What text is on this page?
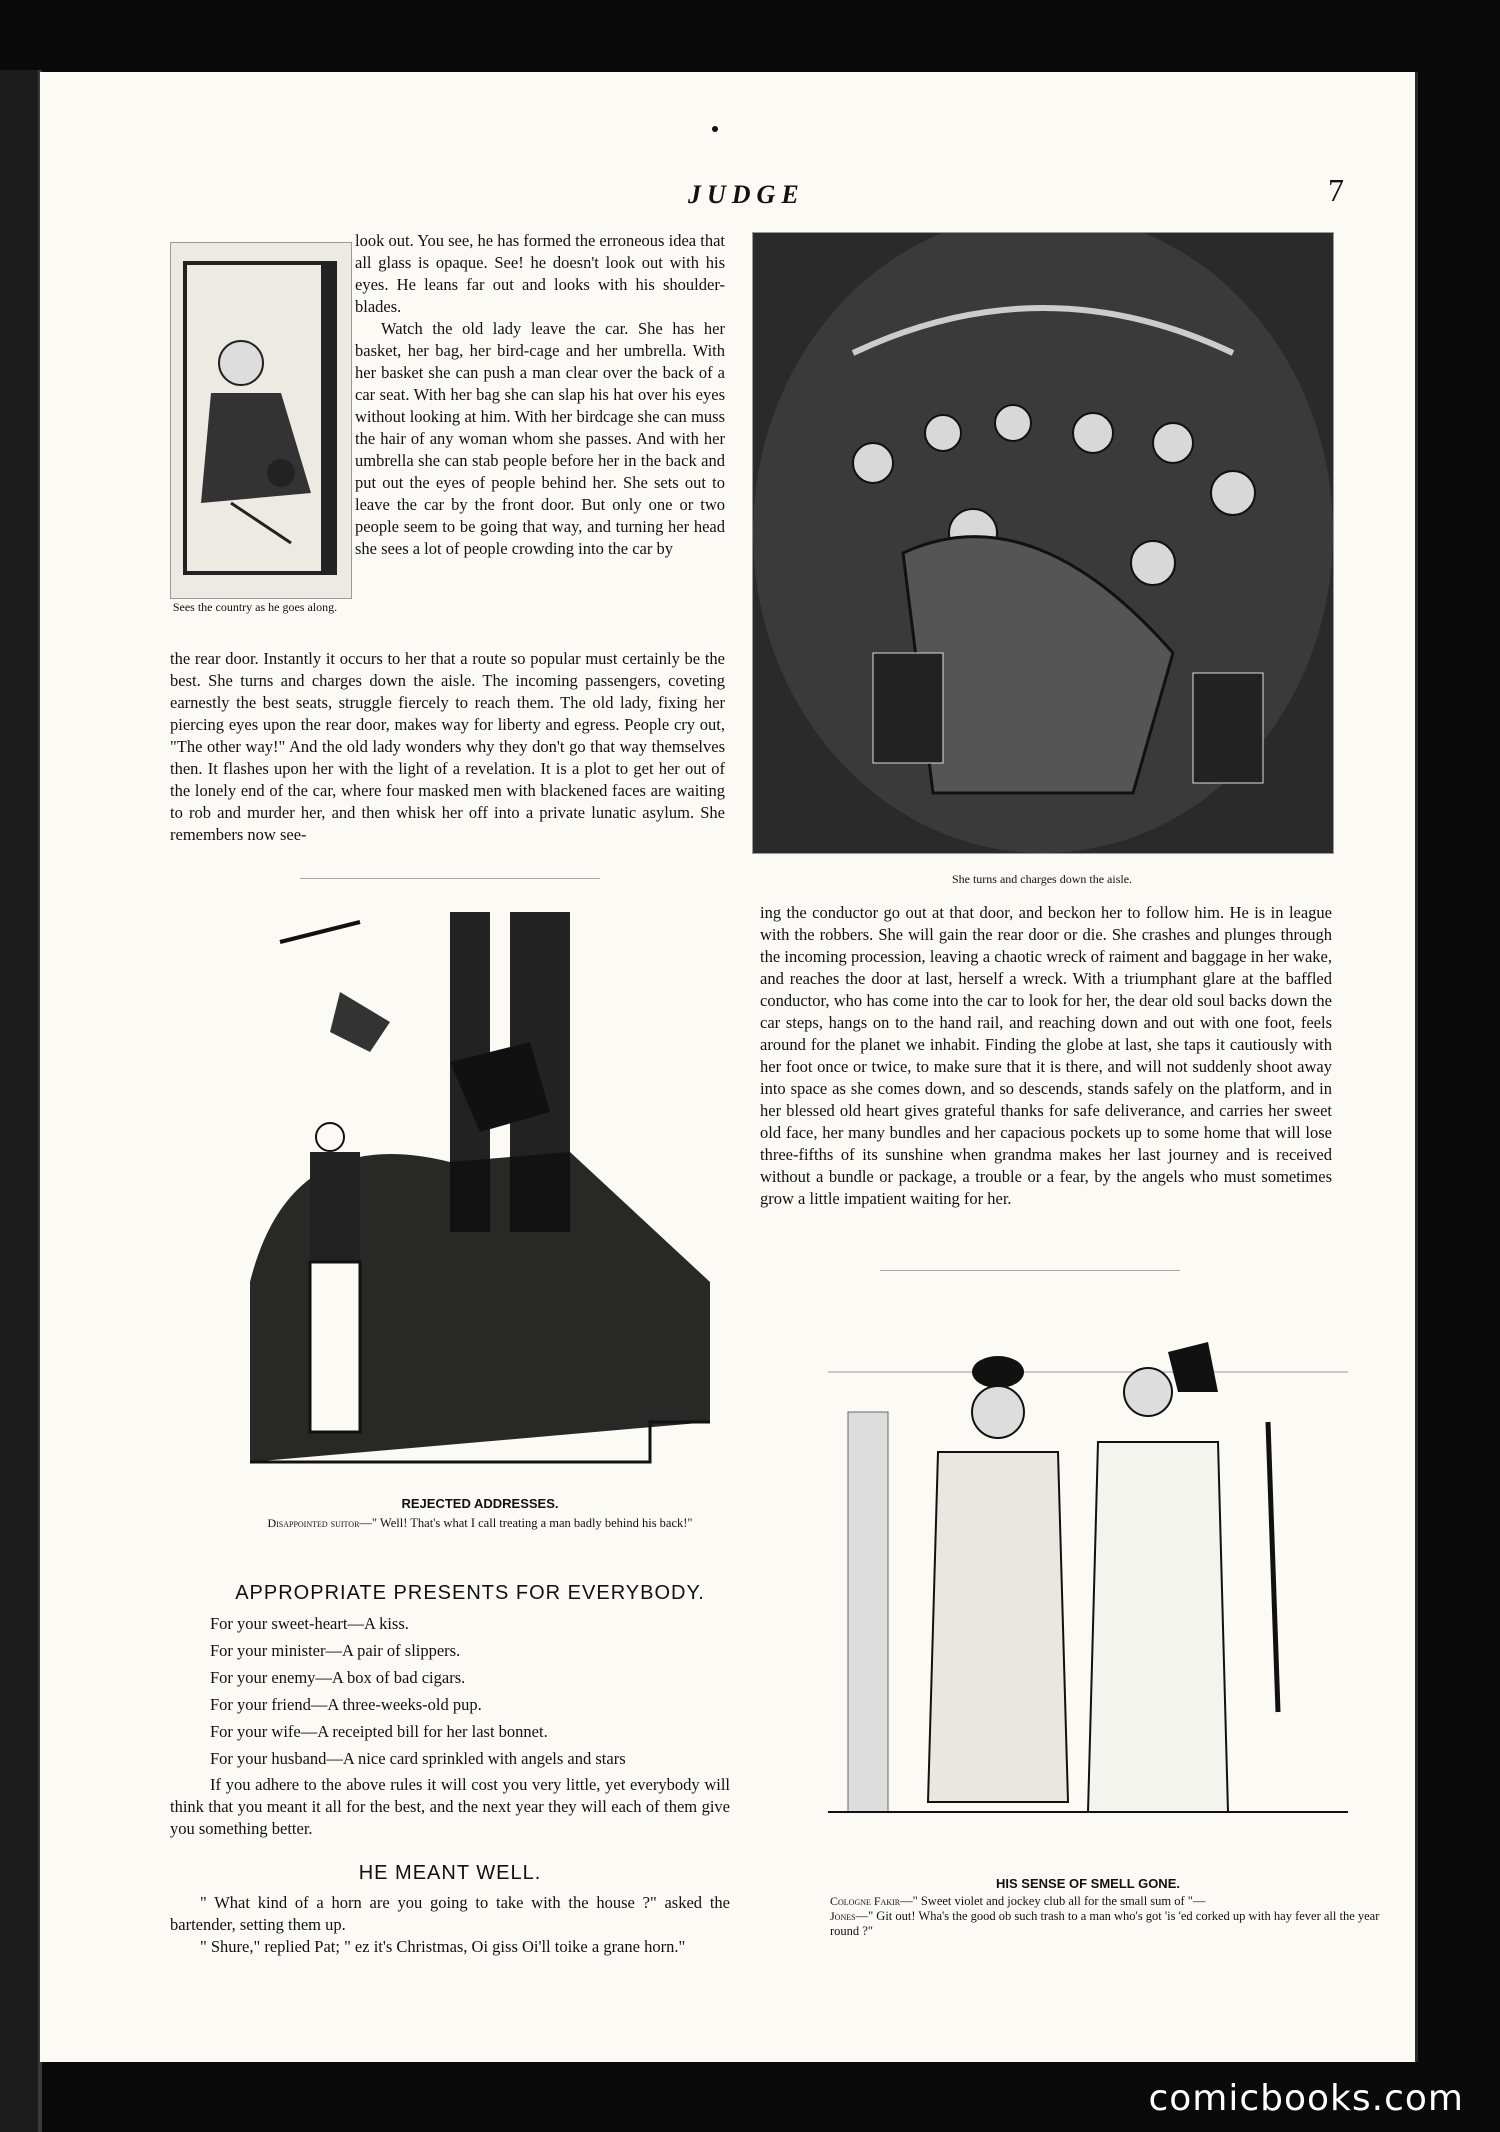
JUDGE	7
Sees the country as he goes along.
look out. You see, he has formed the erroneous idea that all glass is opaque. See! he doesn't look out with his eyes. He leans far out and looks with his shoulder-blades.
Watch the old lady leave the car. She has her basket, her bag, her bird-cage and her umbrella. With her basket she can push a man clear over the back of a car seat. With her bag she can slap his hat over his eyes without looking at him. With her birdcage she can muss the hair of any woman whom she passes. And with her umbrella she can stab people before her in the back and put out the eyes of people behind her. She sets out to leave the car by the front door. But only one or two people seem to be going that way, and turning her head she sees a lot of people crowding into the car by
the rear door. Instantly it occurs to her that a route so popular must certainly be the best. She turns and charges down the aisle. The incoming passengers, coveting earnestly the best seats, struggle fiercely to reach them. The old lady, fixing her piercing eyes upon the rear door, makes way for liberty and egress. People cry out, "The other way!" And the old lady wonders why they don't go that way themselves then. It flashes upon her with the light of a revelation. It is a plot to get her out of the lonely end of the car, where four masked men with blackened faces are waiting to rob and murder her, and then whisk her off into a private lunatic asylum. She remembers now see-
She turns and charges down the aisle.
REJECTED ADDRESSES.
Disappointed suitor—" Well! That's what I call treating a man badly behind his back!"
ing the conductor go out at that door, and beckon her to follow him. He is in league with the robbers. She will gain the rear door or die. She crashes and plunges through the incoming procession, leaving a chaotic wreck of raiment and baggage in her wake, and reaches the door at last, herself a wreck. With a triumphant glare at the baffled conductor, who has come into the car to look for her, the dear old soul backs down the car steps, hangs on to the hand rail, and reaching down and out with one foot, feels around for the planet we inhabit. Finding the globe at last, she taps it cautiously with her foot once or twice, to make sure that it is there, and will not suddenly shoot away into space as she comes down, and so descends, stands safely on the platform, and in her blessed old heart gives grateful thanks for safe deliverance, and carries her sweet old face, her many bundles and her capacious pockets up to some home that will lose three-fifths of its sunshine when grandma makes her last journey and is received without a bundle or package, a trouble or a fear, by the angels who must sometimes grow a little impatient waiting for her.
HIS SENSE OF SMELL GONE.
Cologne Fakir—" Sweet violet and jockey club all for the small sum of "—
Jones—" Git out! Wha's the good ob such trash to a man who's got 'is 'ed corked up with hay fever all the year round ?"
APPROPRIATE PRESENTS FOR EVERYBODY.
For your sweet-heart—A kiss.
For your minister—A pair of slippers.
For your enemy—A box of bad cigars.
For your friend—A three-weeks-old pup.
For your wife—A receipted bill for her last bonnet.
For your husband—A nice card sprinkled with angels and stars
If you adhere to the above rules it will cost you very little, yet everybody will think that you meant it all for the best, and the next year they will each of them give you something better.
HE MEANT WELL.
" What kind of a horn are you going to take with the house ?" asked the bartender, setting them up.
" Shure," replied Pat; " ez it's Christmas, Oi giss Oi'll toike a grane horn."
comicbooks.com
